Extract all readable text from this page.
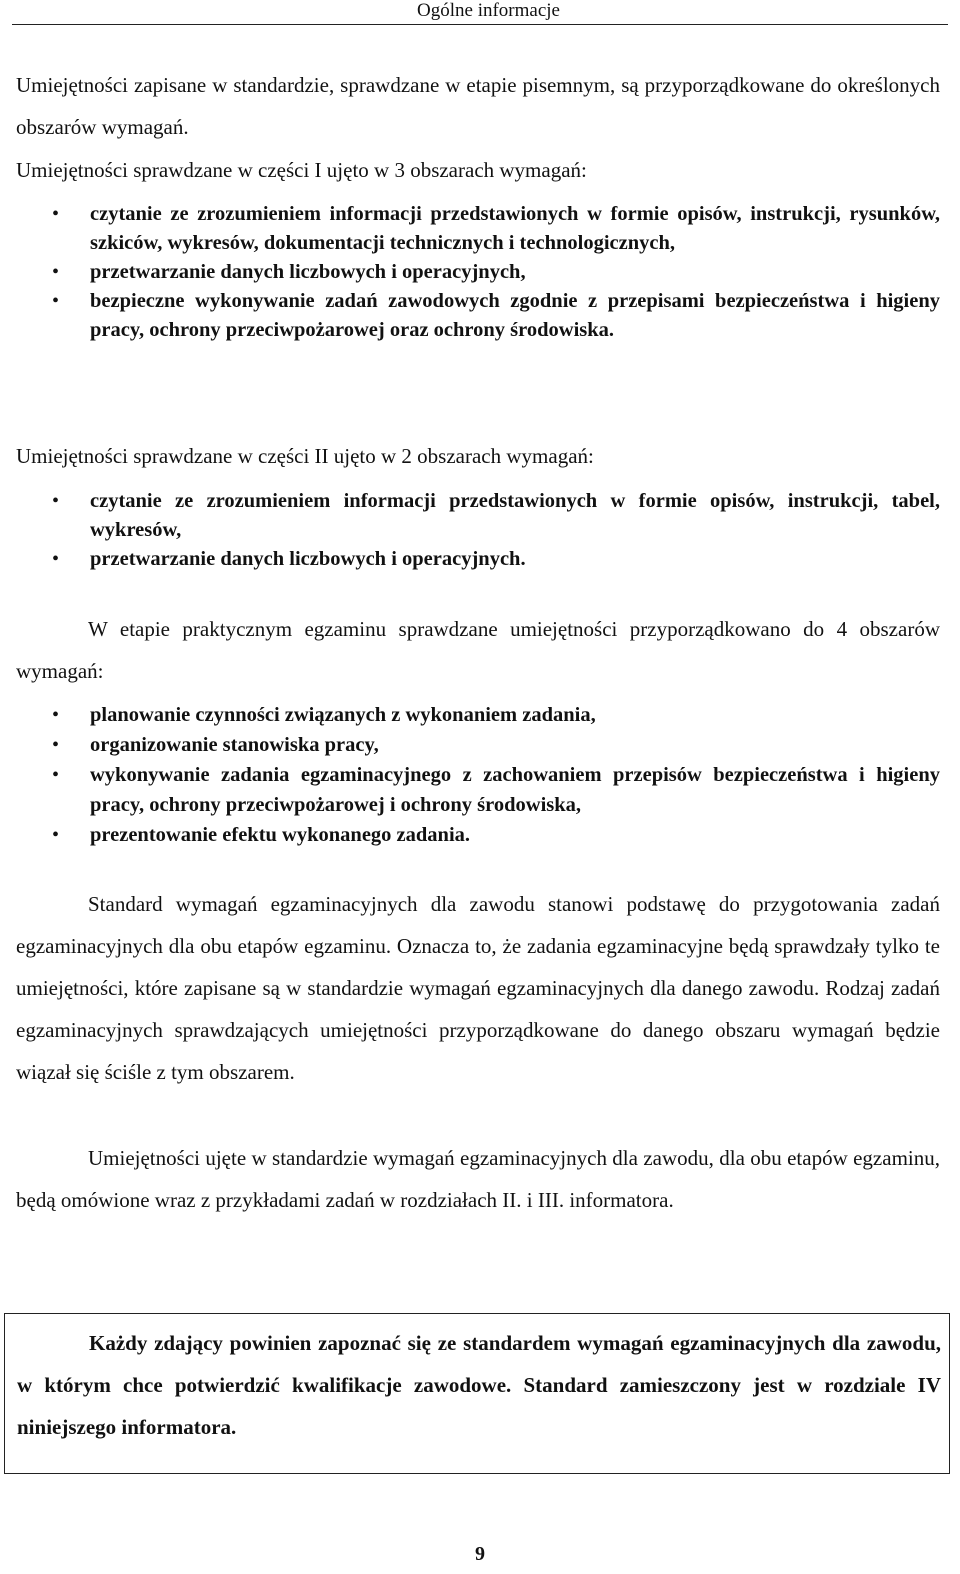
Ogólne informacje

Umiejętności zapisane w standardzie, sprawdzane w etapie pisemnym, są przyporządkowane do określonych obszarów wymagań.

Umiejętności sprawdzane w części I ujęto w 3 obszarach wymagań:

• czytanie ze zrozumieniem informacji przedstawionych w formie opisów, instrukcji, rysunków, szkiców, wykresów, dokumentacji technicznych i technologicznych,
• przetwarzanie danych liczbowych i operacyjnych,
• bezpieczne wykonywanie zadań zawodowych zgodnie z przepisami bezpieczeństwa i higieny pracy, ochrony przeciwpożarowej oraz ochrony środowiska.

Umiejętności sprawdzane w części II ujęto w 2 obszarach wymagań:

• czytanie ze zrozumieniem informacji przedstawionych w formie opisów, instrukcji, tabel, wykresów,
• przetwarzanie danych liczbowych i operacyjnych.

W etapie praktycznym egzaminu sprawdzane umiejętności przyporządkowano do 4 obszarów wymagań:

• planowanie czynności związanych z wykonaniem zadania,
• organizowanie stanowiska pracy,
• wykonywanie zadania egzaminacyjnego z zachowaniem przepisów bezpieczeństwa i higieny pracy, ochrony przeciwpożarowej i ochrony środowiska,
• prezentowanie efektu wykonanego zadania.

Standard wymagań egzaminacyjnych dla zawodu stanowi podstawę do przygotowania zadań egzaminacyjnych dla obu etapów egzaminu. Oznacza to, że zadania egzaminacyjne będą sprawdzały tylko te umiejętności, które zapisane są w standardzie wymagań egzaminacyjnych dla danego zawodu. Rodzaj zadań egzaminacyjnych sprawdzających umiejętności przyporządkowane do danego obszaru wymagań będzie wiązał się ściśle z tym obszarem.

Umiejętności ujęte w standardzie wymagań egzaminacyjnych dla zawodu, dla obu etapów egzaminu, będą omówione wraz z przykładami zadań w rozdziałach II. i III. informatora.

Każdy zdający powinien zapoznać się ze standardem wymagań egzaminacyjnych dla zawodu, w którym chce potwierdzić kwalifikacje zawodowe. Standard zamieszczony jest w rozdziale IV niniejszego informatora.

9
